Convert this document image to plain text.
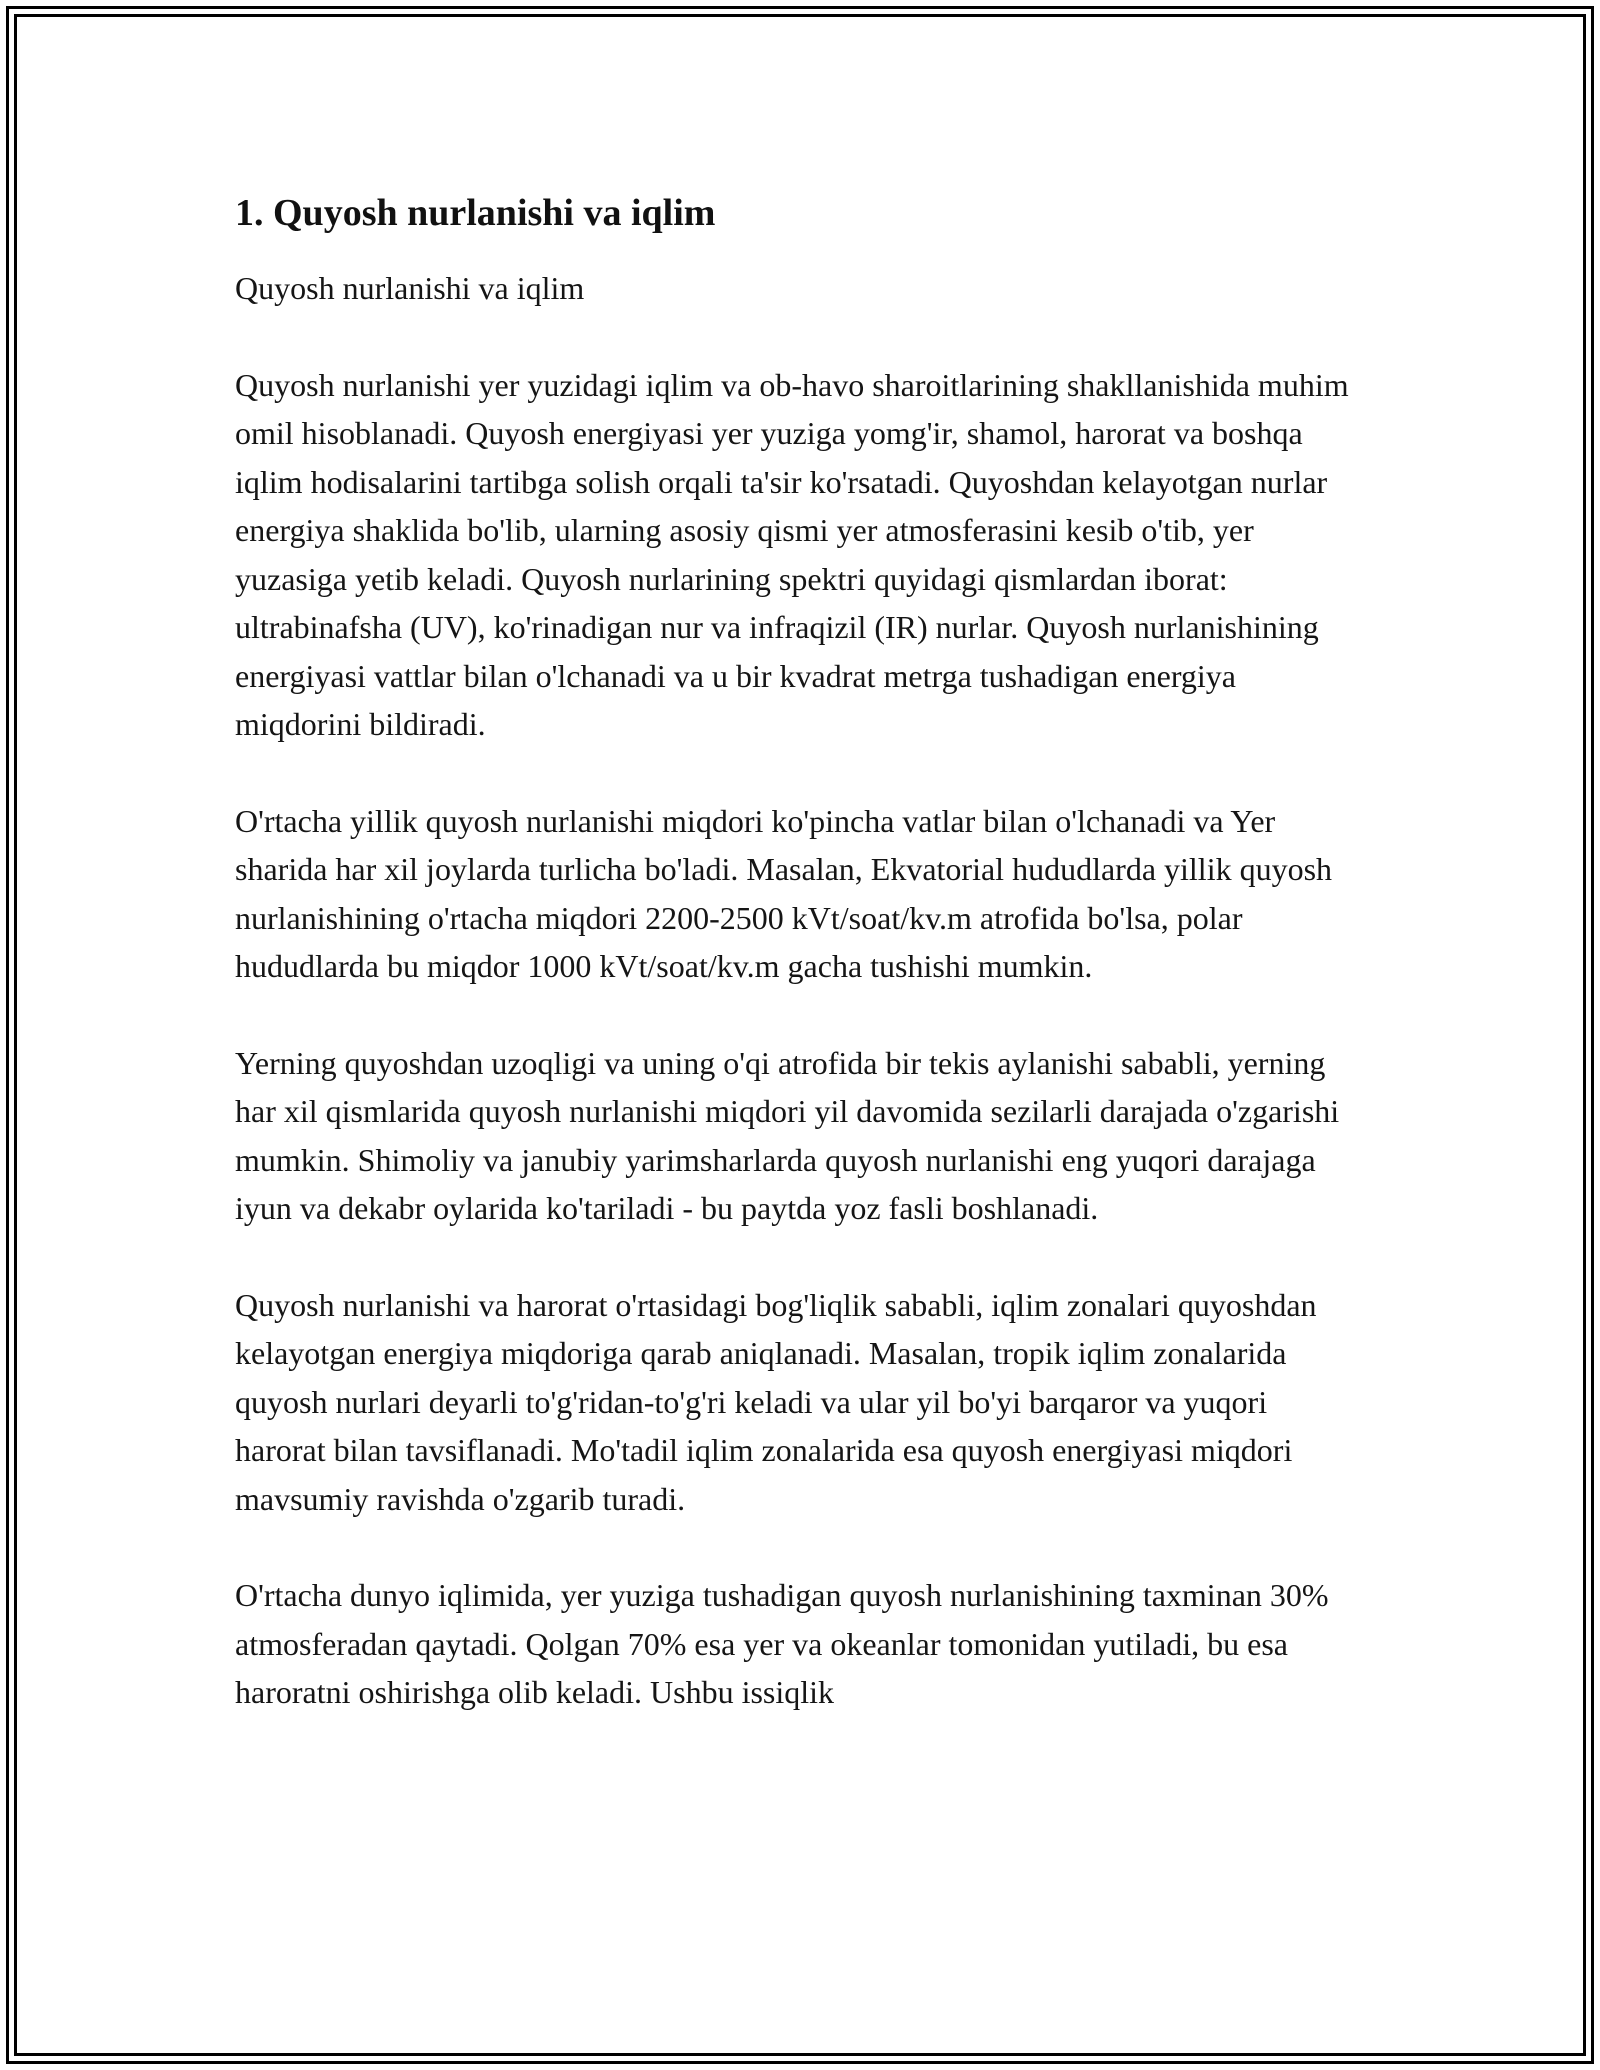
1. Quyosh nurlanishi va iqlim

Quyosh nurlanishi va iqlim

Quyosh nurlanishi yer yuzidagi iqlim va ob-havo sharoitlarining shakllanishida muhim omil hisoblanadi. Quyosh energiyasi yer yuziga yomg'ir, shamol, harorat va boshqa iqlim hodisalarini tartibga solish orqali ta'sir ko'rsatadi. Quyoshdan kelayotgan nurlar energiya shaklida bo'lib, ularning asosiy qismi yer atmosferasini kesib o'tib, yer yuzasiga yetib keladi. Quyosh nurlarining spektri quyidagi qismlardan iborat: ultrabinafsha (UV), ko'rinadigan nur va infraqizil (IR) nurlar. Quyosh nurlanishining energiyasi vattlar bilan o'lchanadi va u bir kvadrat metrga tushadigan energiya miqdorini bildiradi.

O'rtacha yillik quyosh nurlanishi miqdori ko'pincha vatlar bilan o'lchanadi va Yer sharida har xil joylarda turlicha bo'ladi. Masalan, Ekvatorial hududlarda yillik quyosh nurlanishining o'rtacha miqdori 2200-2500 kVt/soat/kv.m atrofida bo'lsa, polar hududlarda bu miqdor 1000 kVt/soat/kv.m gacha tushishi mumkin.

Yerning quyoshdan uzoqligi va uning o'qi atrofida bir tekis aylanishi sababli, yerning har xil qismlarida quyosh nurlanishi miqdori yil davomida sezilarli darajada o'zgarishi mumkin. Shimoliy va janubiy yarimsharlarda quyosh nurlanishi eng yuqori darajaga iyun va dekabr oylarida ko'tariladi - bu paytda yoz fasli boshlanadi.

Quyosh nurlanishi va harorat o'rtasidagi bog'liqlik sababli, iqlim zonalari quyoshdan kelayotgan energiya miqdoriga qarab aniqlanadi. Masalan, tropik iqlim zonalarida quyosh nurlari deyarli to'g'ridan-to'g'ri keladi va ular yil bo'yi barqaror va yuqori harorat bilan tavsiflanadi. Mo'tadil iqlim zonalarida esa quyosh energiyasi miqdori mavsumiy ravishda o'zgarib turadi.

O'rtacha dunyo iqlimida, yer yuziga tushadigan quyosh nurlanishining taxminan 30% atmosferadan qaytadi. Qolgan 70% esa yer va okeanlar tomonidan yutiladi, bu esa haroratni oshirishga olib keladi. Ushbu issiqlik
